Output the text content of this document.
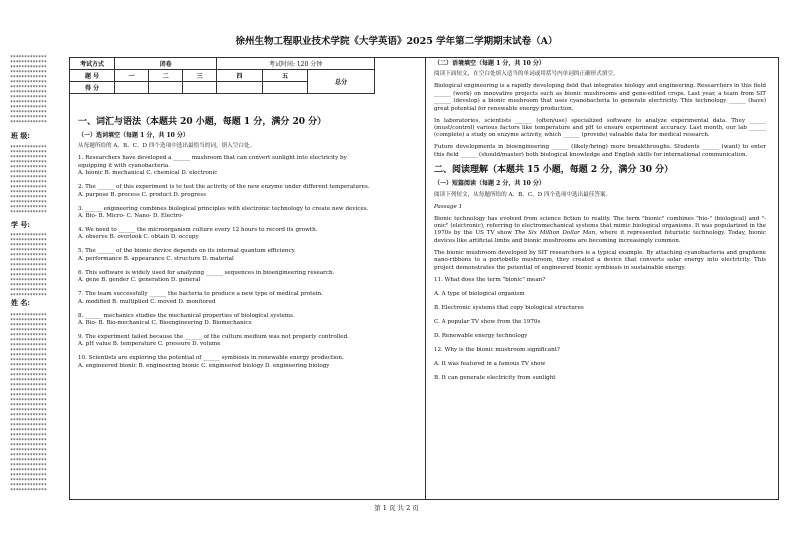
*************
*************
*************
*************
*************
*************
*************
*************
*************
*************
*************
*************
*************
*************
班 级:
*************
*************
*************
*************
*************
*************
*************
*************
*************
*************
*************
*************
*************
*************
学 号:
*************
*************
*************
*************
*************
*************
*************
*************
*************
*************
*************
*************
*************
姓 名:
*************
*************
*************
*************
*************
*************
*************
*************
*************
*************
*************
*************
*************
*************
*************
*************
*************
*************
*************
*************
*************
*************
*************
*************
*************
*************
*************
*************
*************
*************
*************
*************
*************
*************
*************
*************
徐州生物工程职业技术学院《大学英语》2025 学年第二学期期末试卷（A）
考试方式	闭卷			考试时间: 120 分钟		
题 号	一	二	三	四	五	总分
得 分						
一、词汇与语法（本题共 20 小题，每题 1 分，满分 20 分）
（一）选词填空（每题 1 分，共 10 分）
从每题所给的 A、B、C、D 四个选项中选出最恰当的词，填入空白处。
1. Researchers have developed a ______ mushroom that can convert sunlight into electricity by equipping it with cyanobacteria.
A. bionic B. mechanical C. chemical D. electronic
2. The ______ of this experiment is to test the activity of the new enzyme under different temperatures.
A. purpose B. process C. product D. progress
3. ______ engineering combines biological principles with electronic technology to create new devices.
A. Bio- B. Micro- C. Nano- D. Electro-
4. We need to ______ the microorganism culture every 12 hours to record its growth.
A. observe B. overlook C. obtain D. occupy
5. The ______ of the bionic device depends on its internal quantum efficiency.
A. performance B. appearance C. structure D. material
6. This software is widely used for analyzing ______ sequences in bioengineering research.
A. gene B. gender C. generation D. general
7. The team successfully ______ the bacteria to produce a new type of medical protein.
A. modified B. multiplied C. moved D. monitored
8. ______ mechanics studies the mechanical properties of biological systems.
A. Bio- B. Bio-mechanical C. Bioengineering D. Biomechanics
9. The experiment failed because the ______ of the culture medium was not properly controlled.
A. pH value B. temperature C. pressure D. volume
10. Scientists are exploring the potential of ______ symbiosis in renewable energy production.
A. engineered bionic B. engineering bionic C. engineered biology D. engineering biology
（二）语境填空（每题 1 分，共 10 分）
阅读下面短文，在空白处填入适当的单词或用括号内单词的正确形式填空。
Biological engineering is a rapidly developing field that integrates biology and engineering. Researchers in this field ______ (work) on innovative projects such as bionic mushrooms and gene-edited crops. Last year, a team from SIT ______ (develop) a bionic mushroom that uses cyanobacteria to generate electricity. This technology ______ (have) great potential for renewable energy production.
In laboratories, scientists ______ (often/use) specialized software to analyze experimental data. They ______ (must/control) various factors like temperature and pH to ensure experiment accuracy. Last month, our lab ______ (complete) a study on enzyme activity, which ______ (provide) valuable data for medical research.
Future developments in bioengineering ______ (likely/bring) more breakthroughs. Students ______ (want) to enter this field ______ (should/master) both biological knowledge and English skills for international communication.
二、阅读理解（本题共 15 小题，每题 2 分，满分 30 分）
（一）短篇阅读（每题 2 分，共 10 分）
阅读下列短文，从每题所给的 A、B、C、D 四个选项中选出最佳答案。
Passage 1
Bionic technology has evolved from science fiction to reality. The term "bionic" combines "bio-" (biological) and "-onic" (electronic), referring to electromechanical systems that mimic biological organisms. It was popularized in the 1970s by the US TV show The Six Million Dollar Man, where it represented futuristic technology. Today, bionic devices like artificial limbs and bionic mushrooms are becoming increasingly common.
The bionic mushroom developed by SIT researchers is a typical example. By attaching cyanobacteria and graphene nano-ribbons to a portobello mushroom, they created a device that converts solar energy into electricity. This project demonstrates the potential of engineered bionic symbiosis in sustainable energy.
11. What does the term "bionic" mean?
A. A type of biological organism
B. Electronic systems that copy biological structures
C. A popular TV show from the 1970s
D. Renewable energy technology
12. Why is the bionic mushroom significant?
A. It was featured in a famous TV show
B. It can generate electricity from sunlight
第 1 页 共 2 页
